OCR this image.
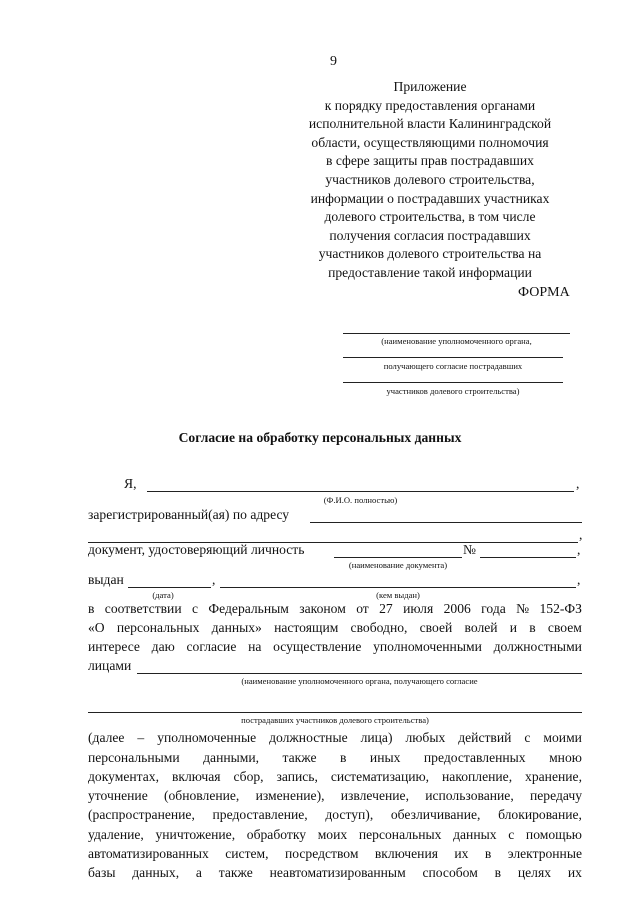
9
Приложение
к порядку предоставления органами
исполнительной власти Калининградской
области, осуществляющими полномочия
в сфере защиты прав пострадавших
участников долевого строительства,
информации о пострадавших участниках
долевого строительства, в том числе
получения согласия пострадавших
участников долевого строительства на
предоставление такой информации
ФОРМА
(наименование уполномоченного органа,
получающего согласие пострадавших
участников долевого строительства)
Согласие на обработку персональных данных
Я,	,
(Ф.И.О. полностью)
зарегистрированный(ая) по адресу
,
документ, удостоверяющий личность	№	,
(наименование документа)
выдан	,	,
(дата)	(кем выдан)
в соответствии с Федеральным законом от 27 июля 2006 года № 152-ФЗ
«О персональных данных» настоящим свободно, своей волей и в своем
интересе даю согласие на осуществление уполномоченными должностными
лицами
(наименование уполномоченного органа, получающего согласие
пострадавших участников долевого строительства)
(далее – уполномоченные должностные лица) любых действий с моими
персональными данными, также в иных предоставленных мною
документах, включая сбор, запись, систематизацию, накопление, хранение,
уточнение (обновление, изменение), извлечение, использование, передачу
(распространение, предоставление, доступ), обезличивание, блокирование,
удаление, уничтожение, обработку моих персональных данных с помощью
автоматизированных систем, посредством включения их в электронные
базы данных, а также неавтоматизированным способом в целях их
